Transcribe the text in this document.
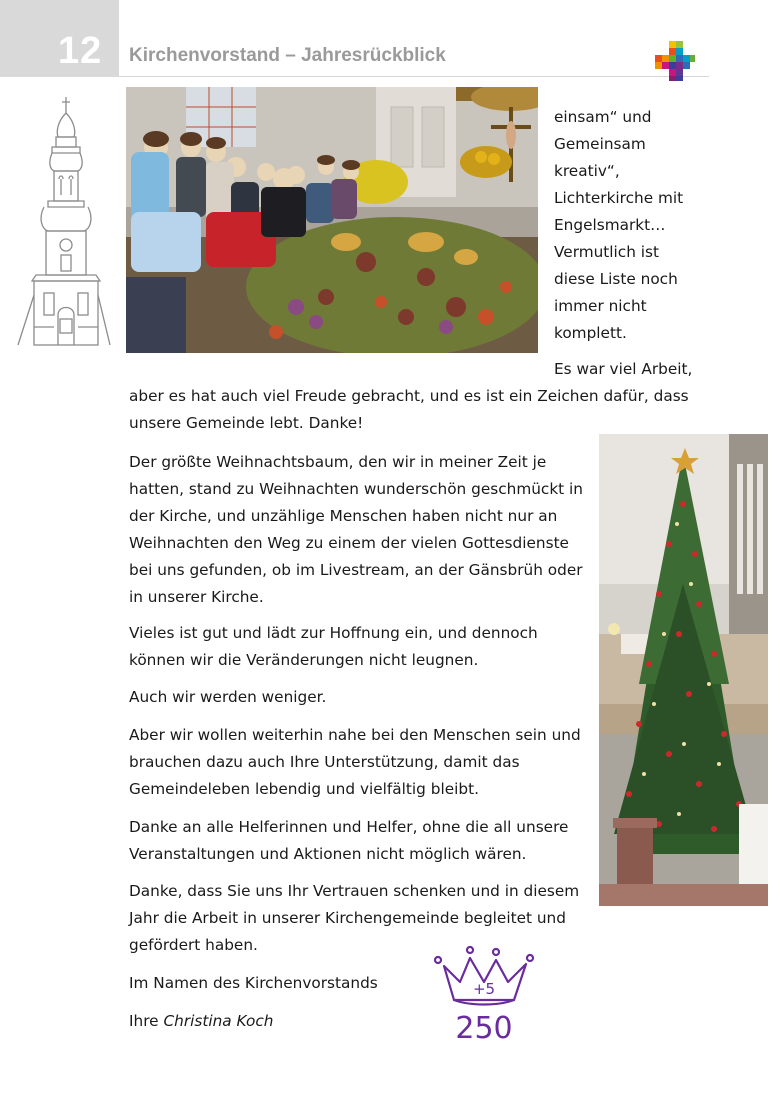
12 Kirchenvorstand – Jahresrückblick
einsam“ und
Gemeinsam
kreativ“,
Lichterkirche mit
Engelsmarkt…
Vermutlich ist
diese Liste noch
immer nicht
komplett.
Es war viel Arbeit,
aber es hat auch viel Freude gebracht, und es ist ein Zeichen dafür, dass unsere Gemeinde lebt. Danke!
Der größte Weihnachtsbaum, den wir in meiner Zeit je hatten, stand zu Weihnachten wunderschön geschmückt in der Kirche, und unzählige Menschen haben nicht nur an Weihnachten den Weg zu einem der vielen Gottesdienste bei uns gefunden, ob im Livestream, an der Gänsbrüh oder in unserer Kirche.
Vieles ist gut und lädt zur Hoffnung ein, und dennoch können wir die Veränderungen nicht leugnen.
Auch wir werden weniger.
Aber wir wollen weiterhin nahe bei den Menschen sein und brauchen dazu auch Ihre Unterstützung, damit das Gemeindeleben lebendig und vielfältig bleibt.
Danke an alle Helferinnen und Helfer, ohne die all unsere Veranstaltungen und Aktionen nicht möglich wären.
Danke, dass Sie uns Ihr Vertrauen schenken und in diesem Jahr die Arbeit in unserer Kirchengemeinde begleitet und gefördert haben.
Im Namen des Kirchenvorstands
Ihre Christina Koch
+5
250
